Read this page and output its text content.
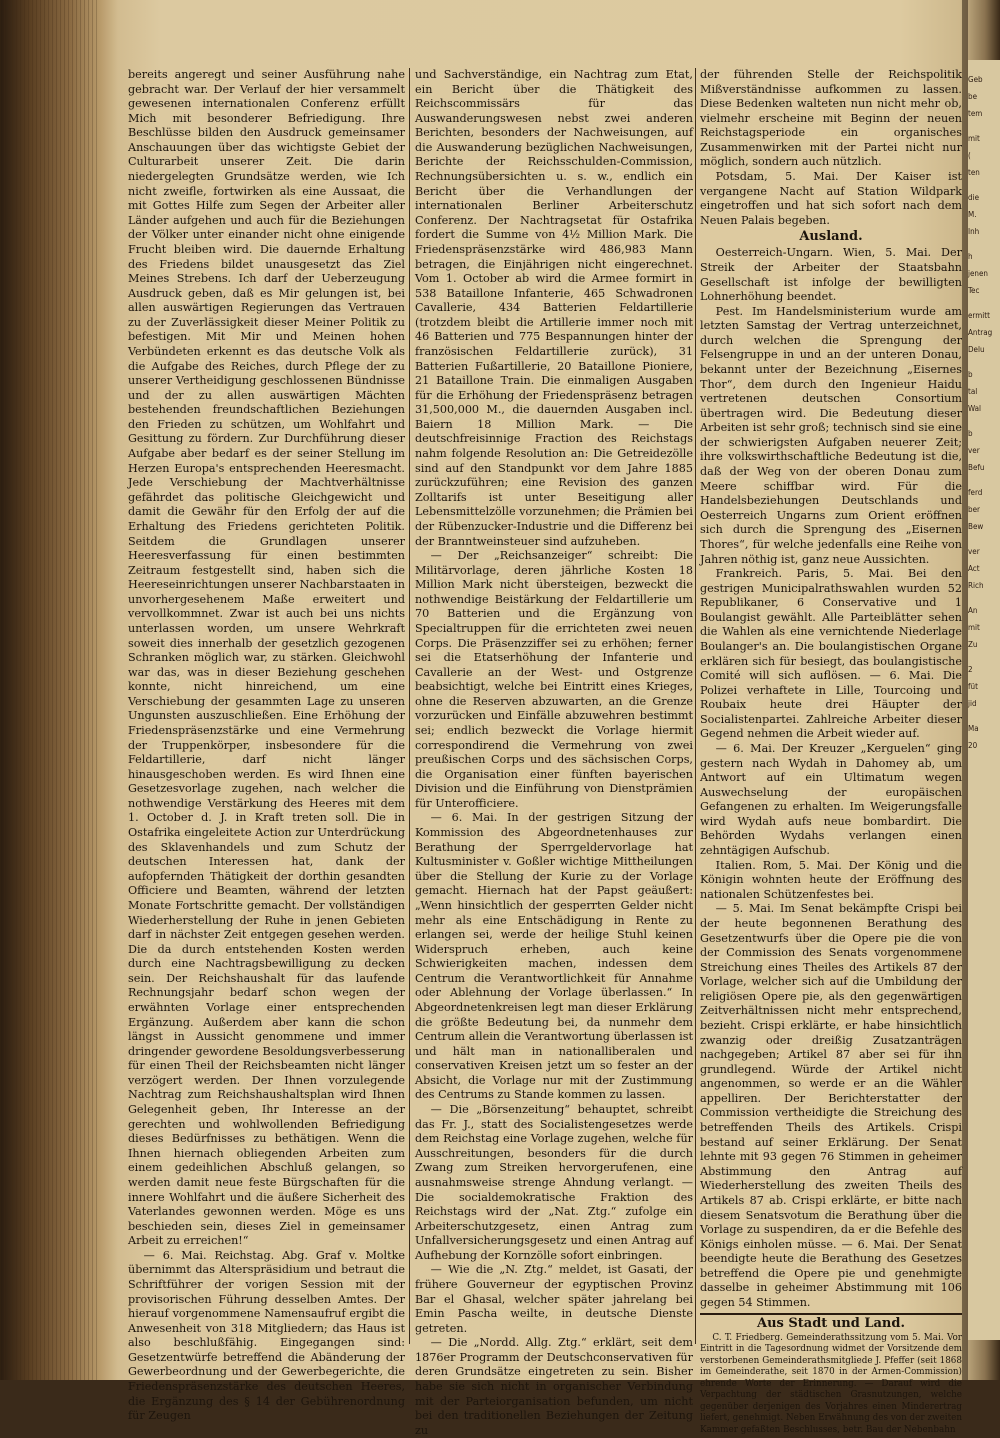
bereits angeregt und seiner Ausführung nahe gebracht war. Der Verlauf der hier versammelt gewesenen internationalen Conferenz erfüllt Mich mit besonderer Befriedigung. Ihre Beschlüsse bilden den Ausdruck gemeinsamer Anschauungen über das wichtigste Gebiet der Culturarbeit unserer Zeit. Die darin niedergelegten Grundsätze werden, wie Ich nicht zweifle, fortwirken als eine Aussaat, die mit Gottes Hilfe zum Segen der Arbeiter aller Länder aufgehen und auch für die Beziehungen der Völker unter einander nicht ohne einigende Frucht bleiben wird. Die dauernde Erhaltung des Friedens bildet unausgesetzt das Ziel Meines Strebens. Ich darf der Ueberzeugung Ausdruck geben, daß es Mir gelungen ist, bei allen auswärtigen Regierungen das Vertrauen zu der Zuverlässigkeit dieser Meiner Politik zu befestigen. Mit Mir und Meinen hohen Verbündeten erkennt es das deutsche Volk als die Aufgabe des Reiches, durch Pflege der zu unserer Vertheidigung geschlossenen Bündnisse und der zu allen auswärtigen Mächten bestehenden freundschaftlichen Beziehungen den Frieden zu schützen, um Wohlfahrt und Gesittung zu fördern. Zur Durchführung dieser Aufgabe aber bedarf es der seiner Stellung im Herzen Europa's entsprechenden Heeresmacht. Jede Verschiebung der Machtverhältnisse gefährdet das politische Gleichgewicht und damit die Gewähr für den Erfolg der auf die Erhaltung des Friedens gerichteten Politik. Seitdem die Grundlagen unserer Heeresverfassung für einen bestimmten Zeitraum festgestellt sind, haben sich die Heereseinrichtungen unserer Nachbarstaaten in unvorhergesehenem Maße erweitert und vervollkommnet. Zwar ist auch bei uns nichts unterlassen worden, um unsere Wehrkraft soweit dies innerhalb der gesetzlich gezogenen Schranken möglich war, zu stärken. Gleichwohl war das, was in dieser Beziehung geschehen konnte, nicht hinreichend, um eine Verschiebung der gesammten Lage zu unseren Ungunsten auszuschließen. Eine Erhöhung der Friedenspräsenzstärke und eine Vermehrung der Truppenkörper, insbesondere für die Feldartillerie, darf nicht länger hinausgeschoben werden. Es wird Ihnen eine Gesetzesvorlage zugehen, nach welcher die nothwendige Verstärkung des Heeres mit dem 1. October d. J. in Kraft treten soll. Die in Ostafrika eingeleitete Action zur Unterdrückung des Sklavenhandels und zum Schutz der deutschen Interessen hat, dank der aufopfernden Thätigkeit der dorthin gesandten Officiere und Beamten, während der letzten Monate Fortschritte gemacht. Der vollständigen Wiederherstellung der Ruhe in jenen Gebieten darf in nächster Zeit entgegen gesehen werden. Die da durch entstehenden Kosten werden durch eine Nachtragsbewilligung zu decken sein. Der Reichshaushalt für das laufende Rechnungsjahr bedarf schon wegen der erwähnten Vorlage einer entsprechenden Ergänzung. Außerdem aber kann die schon längst in Aussicht genommene und immer dringender gewordene Besoldungsverbesserung für einen Theil der Reichsbeamten nicht länger verzögert werden. Der Ihnen vorzulegende Nachtrag zum Reichshaushaltsplan wird Ihnen Gelegenheit geben, Ihr Interesse an der gerechten und wohlwollenden Befriedigung dieses Bedürfnisses zu bethätigen. Wenn die Ihnen hiernach obliegenden Arbeiten zum einem gedeihlichen Abschluß gelangen, so werden damit neue feste Bürgschaften für die innere Wohlfahrt und die äußere Sicherheit des Vaterlandes gewonnen werden. Möge es uns beschieden sein, dieses Ziel in gemeinsamer Arbeit zu erreichen!“

— 6. Mai. Reichstag. Abg. Graf v. Moltke übernimmt das Alterspräsidium und betraut die Schriftführer der vorigen Session mit der provisorischen Führung desselben Amtes. Der hierauf vorgenommene Namensaufruf ergibt die Anwesenheit von 318 Mitgliedern; das Haus ist also beschlußfähig. Eingegangen sind: Gesetzentwürfe betreffend die Abänderung der Gewerbeordnung und der Gewerbegerichte, die Friedenspräsenzstärke des deutschen Heeres, die Ergänzung des § 14 der Gebührenordnung für Zeugen

und Sachverständige, ein Nachtrag zum Etat, ein Bericht über die Thätigkeit des Reichscommissärs für das Auswanderungswesen nebst zwei anderen Berichten, besonders der Nachweisungen, auf die Auswanderung bezüglichen Nachweisungen, Berichte der Reichsschulden-Commission, Rechnungsübersichten u. s. w., endlich ein Bericht über die Verhandlungen der internationalen Berliner Arbeiterschutz Conferenz. Der Nachtragsetat für Ostafrika fordert die Summe von 4½ Million Mark. Die Friedenspräsenzstärke wird 486,983 Mann betragen, die Einjährigen nicht eingerechnet. Vom 1. October ab wird die Armee formirt in 538 Bataillone Infanterie, 465 Schwadronen Cavallerie, 434 Batterien Feldartillerie (trotzdem bleibt die Artillerie immer noch mit 46 Batterien und 775 Bespannungen hinter der französischen Feldartillerie zurück), 31 Batterien Fußartillerie, 20 Bataillone Pioniere, 21 Bataillone Train. Die einmaligen Ausgaben für die Erhöhung der Friedenspräsenz betragen 31,500,000 M., die dauernden Ausgaben incl. Baiern 18 Million Mark. — Die deutschfreisinnige Fraction des Reichstags nahm folgende Resolution an: Die Getreidezölle sind auf den Standpunkt vor dem Jahre 1885 zurückzuführen; eine Revision des ganzen Zolltarifs ist unter Beseitigung aller Lebensmittelzölle vorzunehmen; die Prämien bei der Rübenzucker-Industrie und die Differenz bei der Branntweinsteuer sind aufzuheben.

— Der „Reichsanzeiger“ schreibt: Die Militärvorlage, deren jährliche Kosten 18 Million Mark nicht übersteigen, bezweckt die nothwendige Beistärkung der Feldartillerie um 70 Batterien und die Ergänzung von Specialtruppen für die errichteten zwei neuen Corps. Die Präsenzziffer sei zu erhöhen; ferner sei die Etatserhöhung der Infanterie und Cavallerie an der West- und Ostgrenze beabsichtigt, welche bei Eintritt eines Krieges, ohne die Reserven abzuwarten, an die Grenze vorzurücken und Einfälle abzuwehren bestimmt sei; endlich bezweckt die Vorlage hiermit correspondirend die Vermehrung von zwei preußischen Corps und des sächsischen Corps, die Organisation einer fünften bayerischen Division und die Einführung von Dienstprämien für Unterofficiere.

— 6. Mai. In der gestrigen Sitzung der Kommission des Abgeordnetenhauses zur Berathung der Sperrgeldervorlage hat Kultusminister v. Goßler wichtige Mittheilungen über die Stellung der Kurie zu der Vorlage gemacht. Hiernach hat der Papst geäußert: „Wenn hinsichtlich der gesperrten Gelder nicht mehr als eine Entschädigung in Rente zu erlangen sei, werde der heilige Stuhl keinen Widerspruch erheben, auch keine Schwierigkeiten machen, indessen dem Centrum die Verantwortlichkeit für Annahme oder Ablehnung der Vorlage überlassen.“ In Abgeordnetenkreisen legt man dieser Erklärung die größte Bedeutung bei, da nunmehr dem Centrum allein die Verantwortung überlassen ist und hält man in nationalliberalen und conservativen Kreisen jetzt um so fester an der Absicht, die Vorlage nur mit der Zustimmung des Centrums zu Stande kommen zu lassen.

— Die „Börsenzeitung“ behauptet, schreibt das Fr. J., statt des Socialistengesetzes werde dem Reichstag eine Vorlage zugehen, welche für Ausschreitungen, besonders für die durch Zwang zum Streiken hervorgerufenen, eine ausnahmsweise strenge Ahndung verlangt. — Die socialdemokratische Fraktion des Reichstags wird der „Nat. Ztg.“ zufolge ein Arbeiterschutzgesetz, einen Antrag zum Unfallversicherungsgesetz und einen Antrag auf Aufhebung der Kornzölle sofort einbringen.

— Wie die „N. Ztg.“ meldet, ist Gasati, der frühere Gouverneur der egyptischen Provinz Bar el Ghasal, welcher später jahrelang bei Emin Pascha weilte, in deutsche Dienste getreten.

— Die „Nordd. Allg. Ztg.“ erklärt, seit dem 1876er Programm der Deutschconservativen für deren Grundsätze eingetreten zu sein. Bisher habe sie sich nicht in organischer Verbindung mit der Parteiorganisation befunden, um nicht bei den traditionellen Beziehungen der Zeitung zu

der führenden Stelle der Reichspolitik Mißverständnisse aufkommen zu lassen. Diese Bedenken walteten nun nicht mehr ob, vielmehr erscheine mit Beginn der neuen Reichstagsperiode ein organisches Zusammenwirken mit der Partei nicht nur möglich, sondern auch nützlich.

Potsdam, 5. Mai. Der Kaiser ist vergangene Nacht auf Station Wildpark eingetroffen und hat sich sofort nach dem Neuen Palais begeben.

Ausland.

Oesterreich-Ungarn. Wien, 5. Mai. Der Streik der Arbeiter der Staatsbahn Gesellschaft ist infolge der bewilligten Lohnerhöhung beendet.

Pest. Im Handelsministerium wurde am letzten Samstag der Vertrag unterzeichnet, durch welchen die Sprengung der Felsengruppe in und an der unteren Donau, bekannt unter der Bezeichnung „Eisernes Thor“, dem durch den Ingenieur Haidu vertretenen deutschen Consortium übertragen wird. Die Bedeutung dieser Arbeiten ist sehr groß; technisch sind sie eine der schwierigsten Aufgaben neuerer Zeit; ihre volkswirthschaftliche Bedeutung ist die, daß der Weg von der oberen Donau zum Meere schiffbar wird. Für die Handelsbeziehungen Deutschlands und Oesterreich Ungarns zum Orient eröffnen sich durch die Sprengung des „Eisernen Thores“, für welche jedenfalls eine Reihe von Jahren nöthig ist, ganz neue Aussichten.

Frankreich. Paris, 5. Mai. Bei den gestrigen Municipalrathswahlen wurden 52 Republikaner, 6 Conservative und 1 Boulangist gewählt. Alle Parteiblätter sehen die Wahlen als eine vernichtende Niederlage Boulanger's an. Die boulangistischen Organe erklären sich für besiegt, das boulangistische Comité will sich auflösen. — 6. Mai. Die Polizei verhaftete in Lille, Tourcoing und Roubaix heute drei Häupter der Socialistenpartei. Zahlreiche Arbeiter dieser Gegend nehmen die Arbeit wieder auf.

— 6. Mai. Der Kreuzer „Kerguelen“ ging gestern nach Wydah in Dahomey ab, um Antwort auf ein Ultimatum wegen Auswechselung der europäischen Gefangenen zu erhalten. Im Weigerungsfalle wird Wydah aufs neue bombardirt. Die Behörden Wydahs verlangen einen zehntägigen Aufschub.

Italien. Rom, 5. Mai. Der König und die Königin wohnten heute der Eröffnung des nationalen Schützenfestes bei.

— 5. Mai. Im Senat bekämpfte Crispi bei der heute begonnenen Berathung des Gesetzentwurfs über die Opere pie die von der Commission des Senats vorgenommene Streichung eines Theiles des Artikels 87 der Vorlage, welcher sich auf die Umbildung der religiösen Opere pie, als den gegenwärtigen Zeitverhältnissen nicht mehr entsprechend, bezieht. Crispi erklärte, er habe hinsichtlich zwanzig oder dreißig Zusatzanträgen nachgegeben; Artikel 87 aber sei für ihn grundlegend. Würde der Artikel nicht angenommen, so werde er an die Wähler appelliren. Der Berichterstatter der Commission vertheidigte die Streichung des betreffenden Theils des Artikels. Crispi bestand auf seiner Erklärung. Der Senat lehnte mit 93 gegen 76 Stimmen in geheimer Abstimmung den Antrag auf Wiederherstellung des zweiten Theils des Artikels 87 ab. Crispi erklärte, er bitte nach diesem Senatsvotum die Berathung über die Vorlage zu suspendiren, da er die Befehle des Königs einholen müsse. — 6. Mai. Der Senat beendigte heute die Berathung des Gesetzes betreffend die Opere pie und genehmigte dasselbe in geheimer Abstimmung mit 106 gegen 54 Stimmen.

Aus Stadt und Land.

C. T. Friedberg. Gemeinderathssitzung vom 5. Mai. Vor Eintritt in die Tagesordnung widmet der Vorsitzende dem verstorbenen Gemeinderathsmitgliede J. Pfeffer (seit 1868 im Gemeinderathe, seit 1870 in der Armen-Commission) ehrende Worte der Erinnerung. — Darauf wird die Verpachtung der städtischen Grasnutzungen, welche gegenüber derjenigen des Vorjahres einen Minderertrag liefert, genehmigt. Neben Erwähnung des von der zweiten Kammer gefaßten Beschlusses, betr. Bau der Nebenbahn

Geb
be
tem
mit
(
ten
die
M.
Inh
h
jenen
Tec
ermitt
Antrag
Delu
b
tal
Wal
b
ver
Befu
ferd
ber
Bew
ver
Act
Rich
An
mit
Zu
2
füt
jid
Ma
20
